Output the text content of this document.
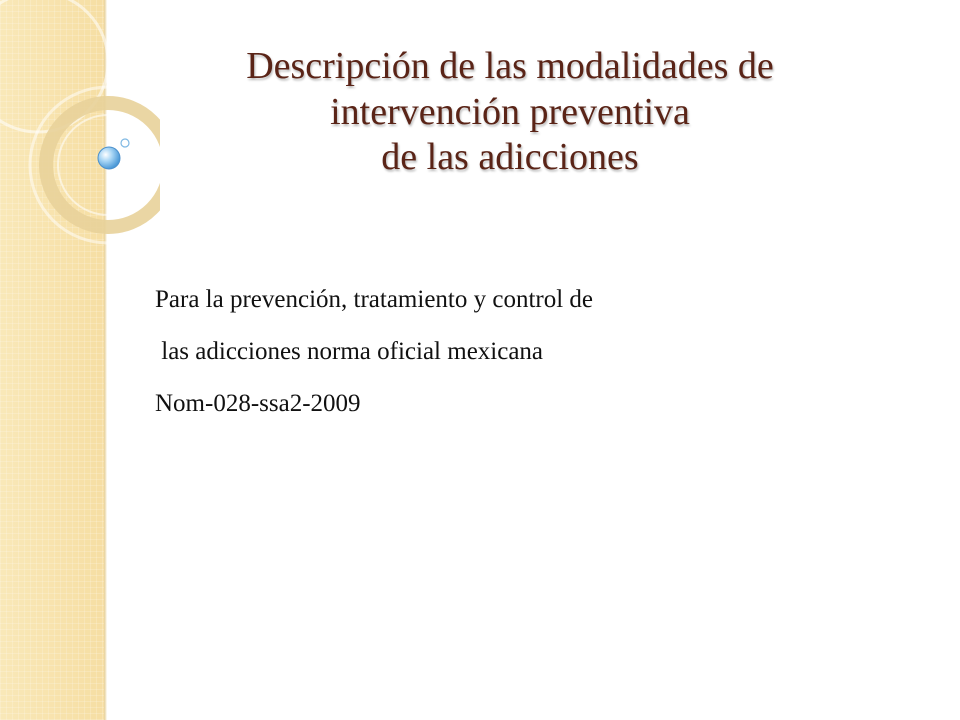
Descripción de las modalidades de
intervención preventiva
de las adicciones
Para la prevención, tratamiento y control de
las adicciones norma oficial mexicana
Nom-028-ssa2-2009
